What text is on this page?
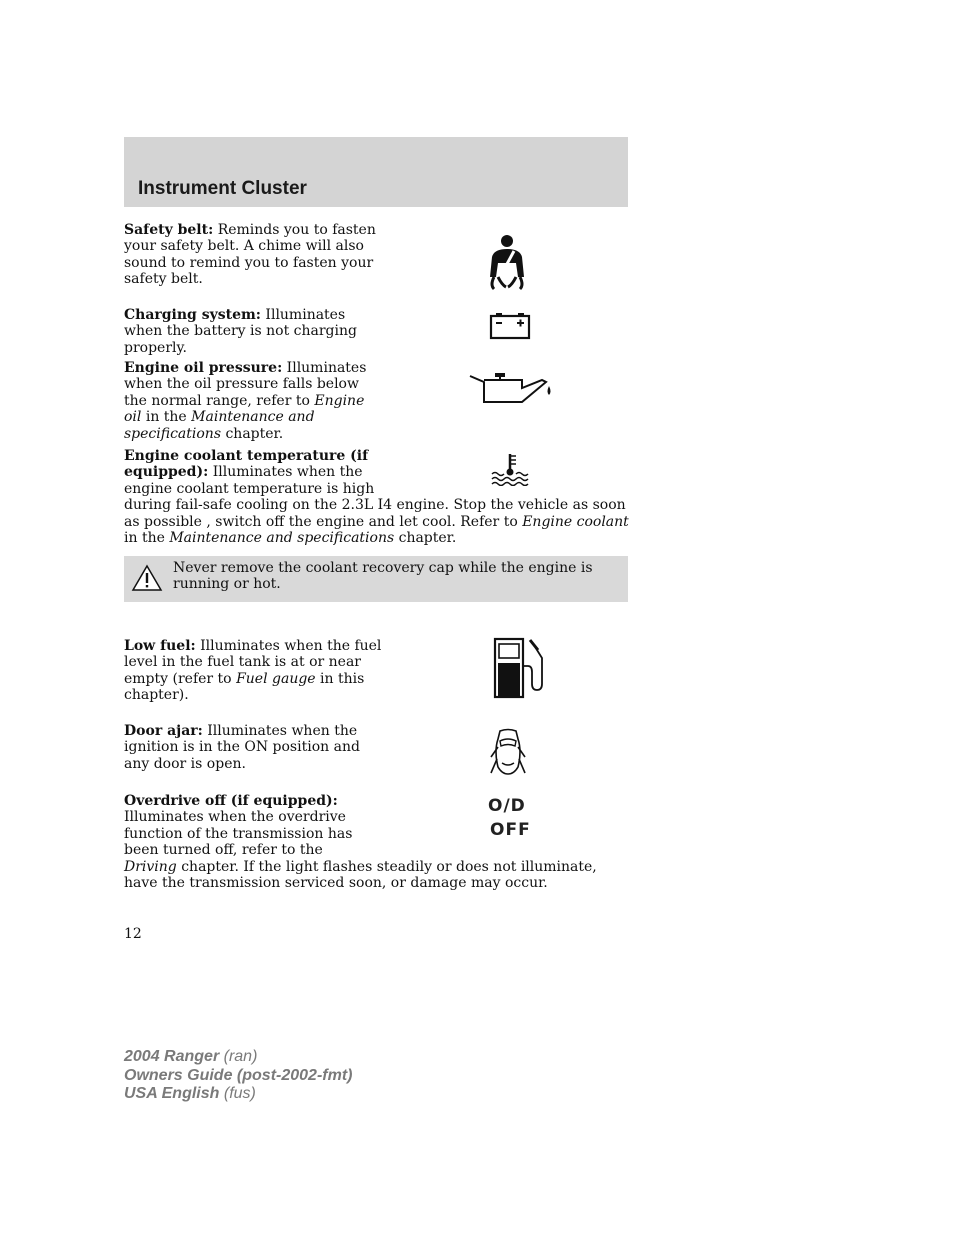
Instrument Cluster
Safety belt: Reminds you to fasten your safety belt. A chime will also sound to remind you to fasten your safety belt.
Charging system: Illuminates when the battery is not charging properly.
Engine oil pressure: Illuminates when the oil pressure falls below the normal range, refer to Engine oil in the Maintenance and specifications chapter.
Engine coolant temperature (if equipped): Illuminates when the engine coolant temperature is high
during fail-safe cooling on the 2.3L I4 engine. Stop the vehicle as soon as possible , switch off the engine and let cool. Refer to Engine coolant in the Maintenance and specifications chapter.
Never remove the coolant recovery cap while the engine is running or hot.
Low fuel: Illuminates when the fuel level in the fuel tank is at or near empty (refer to Fuel gauge in this chapter).
Door ajar: Illuminates when the ignition is in the ON position and any door is open.
Overdrive off (if equipped):
Illuminates when the overdrive function of the transmission has been turned off, refer to the
Driving chapter. If the light flashes steadily or does not illuminate, have the transmission serviced soon, or damage may occur.
O/D
OFF
12
2004 Ranger (ran)
Owners Guide (post-2002-fmt)
USA English (fus)
